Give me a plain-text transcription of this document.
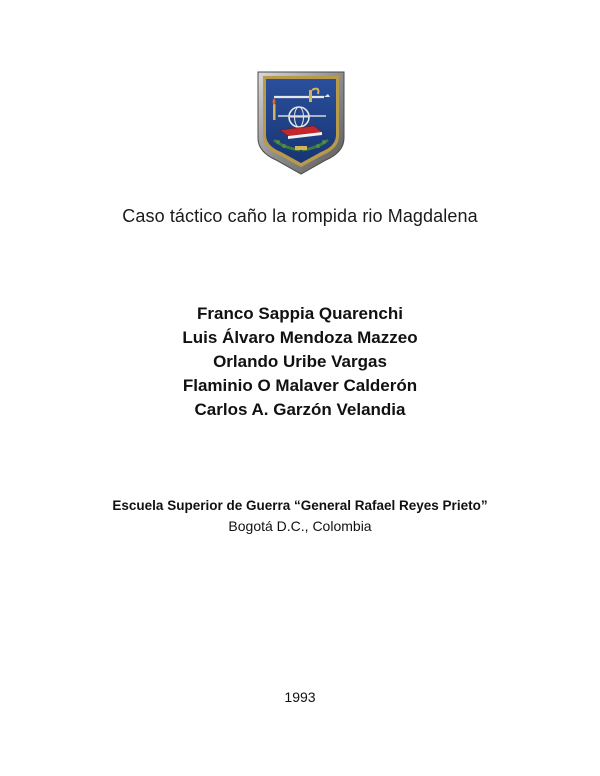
Caso táctico caño la rompida rio Magdalena
Franco Sappia Quarenchi
Luis Álvaro Mendoza Mazzeo
Orlando Uribe Vargas
Flaminio O Malaver Calderón
Carlos A. Garzón Velandia
Escuela Superior de Guerra “General Rafael Reyes Prieto”
Bogotá D.C., Colombia
1993
